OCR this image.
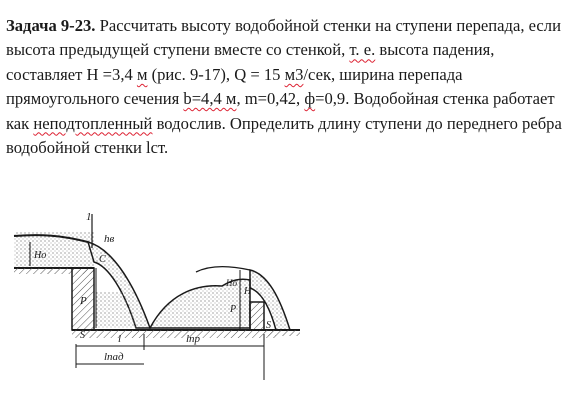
Задача 9-23. Рассчитать высоту водобойной стенки на ступени перепада, если высота предыдущей ступени вместе со стенкой, т. е. высота падения, составляет Н =3,4 м (рис. 9-17), Q = 15 м3/сек, ширина перепада прямоугольного сечения b=4,4 м, m=0,42, ф=0,9. Водобойная стенка работает как неподтопленный водослив. Определить длину ступени до переднего ребра водобойной стенки lст.
1
hв
Hо	C
P
S	l	lпр
lпад
Hо
H
P
S
